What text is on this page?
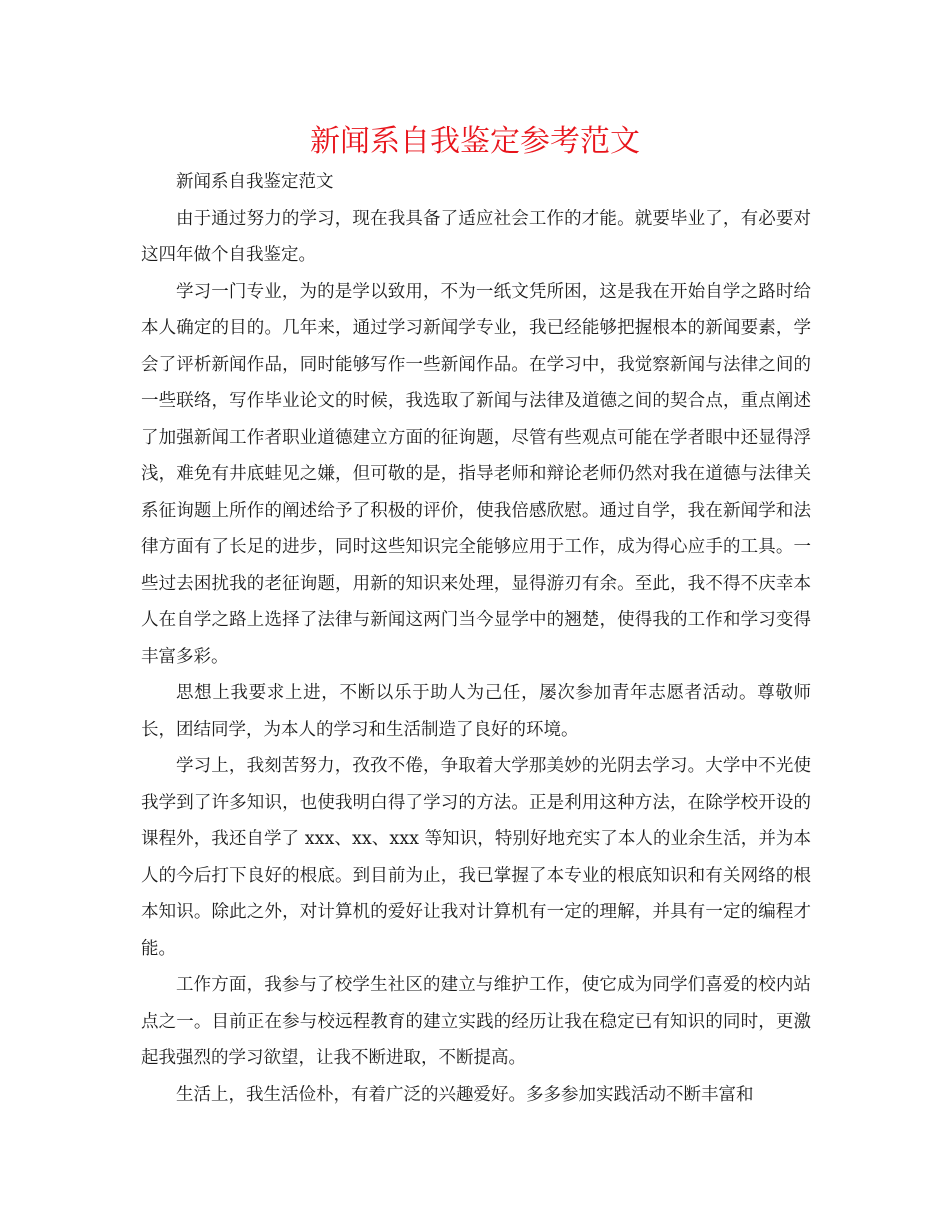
新闻系自我鉴定参考范文

新闻系自我鉴定范文

由于通过努力的学习，现在我具备了适应社会工作的才能。就要毕业了，有必要对这四年做个自我鉴定。

学习一门专业，为的是学以致用，不为一纸文凭所困，这是我在开始自学之路时给本人确定的目的。几年来，通过学习新闻学专业，我已经能够把握根本的新闻要素，学会了评析新闻作品，同时能够写作一些新闻作品。在学习中，我觉察新闻与法律之间的一些联络，写作毕业论文的时候，我选取了新闻与法律及道德之间的契合点，重点阐述了加强新闻工作者职业道德建立方面的征询题，尽管有些观点可能在学者眼中还显得浮浅，难免有井底蛙见之嫌，但可敬的是，指导老师和辩论老师仍然对我在道德与法律关系征询题上所作的阐述给予了积极的评价，使我倍感欣慰。通过自学，我在新闻学和法律方面有了长足的进步，同时这些知识完全能够应用于工作，成为得心应手的工具。一些过去困扰我的老征询题，用新的知识来处理，显得游刃有余。至此，我不得不庆幸本人在自学之路上选择了法律与新闻这两门当今显学中的翘楚，使得我的工作和学习变得丰富多彩。

思想上我要求上进，不断以乐于助人为己任，屡次参加青年志愿者活动。尊敬师长，团结同学，为本人的学习和生活制造了良好的环境。

学习上，我刻苦努力，孜孜不倦，争取着大学那美妙的光阴去学习。大学中不光使我学到了许多知识，也使我明白得了学习的方法。正是利用这种方法，在除学校开设的课程外，我还自学了 xxx、xx、xxx 等知识，特别好地充实了本人的业余生活，并为本人的今后打下良好的根底。到目前为止，我已掌握了本专业的根底知识和有关网络的根本知识。除此之外，对计算机的爱好让我对计算机有一定的理解，并具有一定的编程才能。

工作方面，我参与了校学生社区的建立与维护工作，使它成为同学们喜爱的校内站点之一。目前正在参与校远程教育的建立实践的经历让我在稳定已有知识的同时，更激起我强烈的学习欲望，让我不断进取，不断提高。

生活上，我生活俭朴，有着广泛的兴趣爱好。多多参加实践活动不断丰富和
